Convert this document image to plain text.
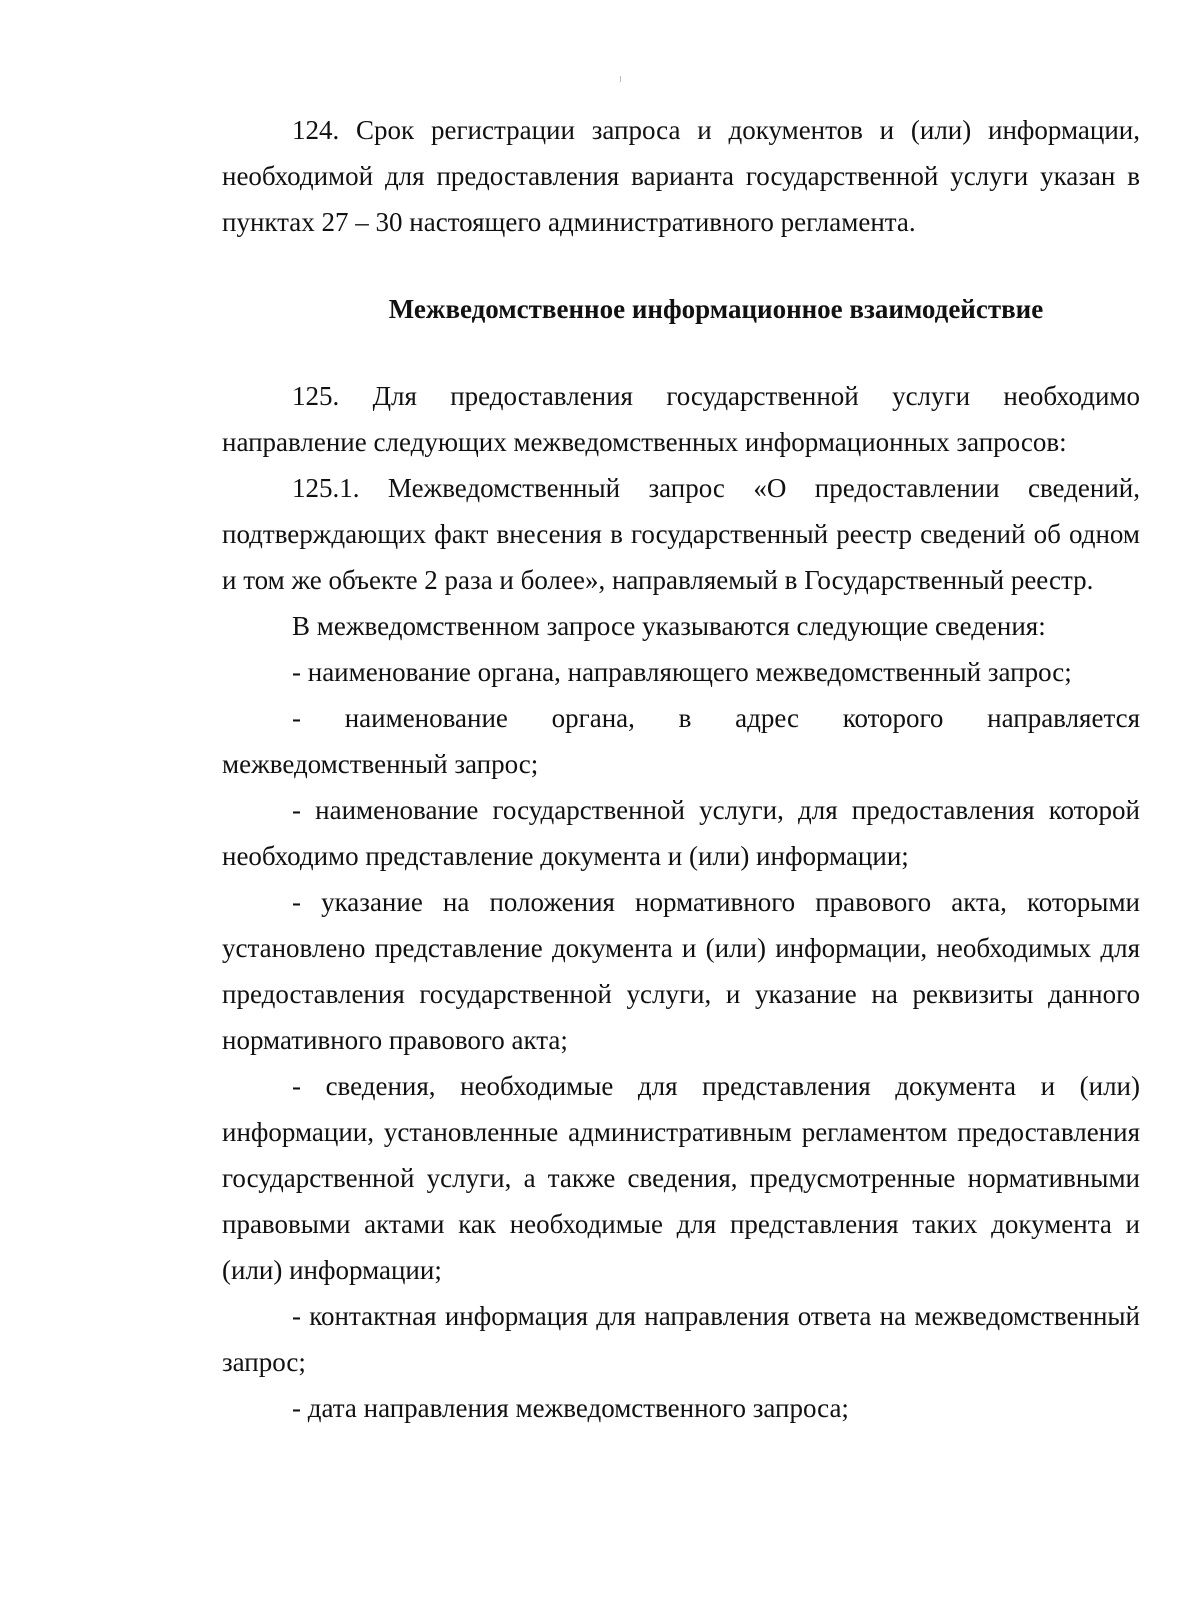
124. Срок регистрации запроса и документов и (или) информации, необходимой для предоставления варианта государственной услуги указан в пунктах 27 – 30 настоящего административного регламента.

Межведомственное информационное взаимодействие

125. Для предоставления государственной услуги необходимо направление следующих межведомственных информационных запросов:

125.1. Межведомственный запрос «О предоставлении сведений, подтверждающих факт внесения в государственный реестр сведений об одном и том же объекте 2 раза и более», направляемый в Государственный реестр.

В межведомственном запросе указываются следующие сведения:

- наименование органа, направляющего межведомственный запрос;

- наименование органа, в адрес которого направляется межведомственный запрос;

- наименование государственной услуги, для предоставления которой необходимо представление документа и (или) информации;

- указание на положения нормативного правового акта, которыми установлено представление документа и (или) информации, необходимых для предоставления государственной услуги, и указание на реквизиты данного нормативного правового акта;

- сведения, необходимые для представления документа и (или) информации, установленные административным регламентом предоставления государственной услуги, а также сведения, предусмотренные нормативными правовыми актами как необходимые для представления таких документа и (или) информации;

- контактная информация для направления ответа на межведомственный запрос;

- дата направления межведомственного запроса;
